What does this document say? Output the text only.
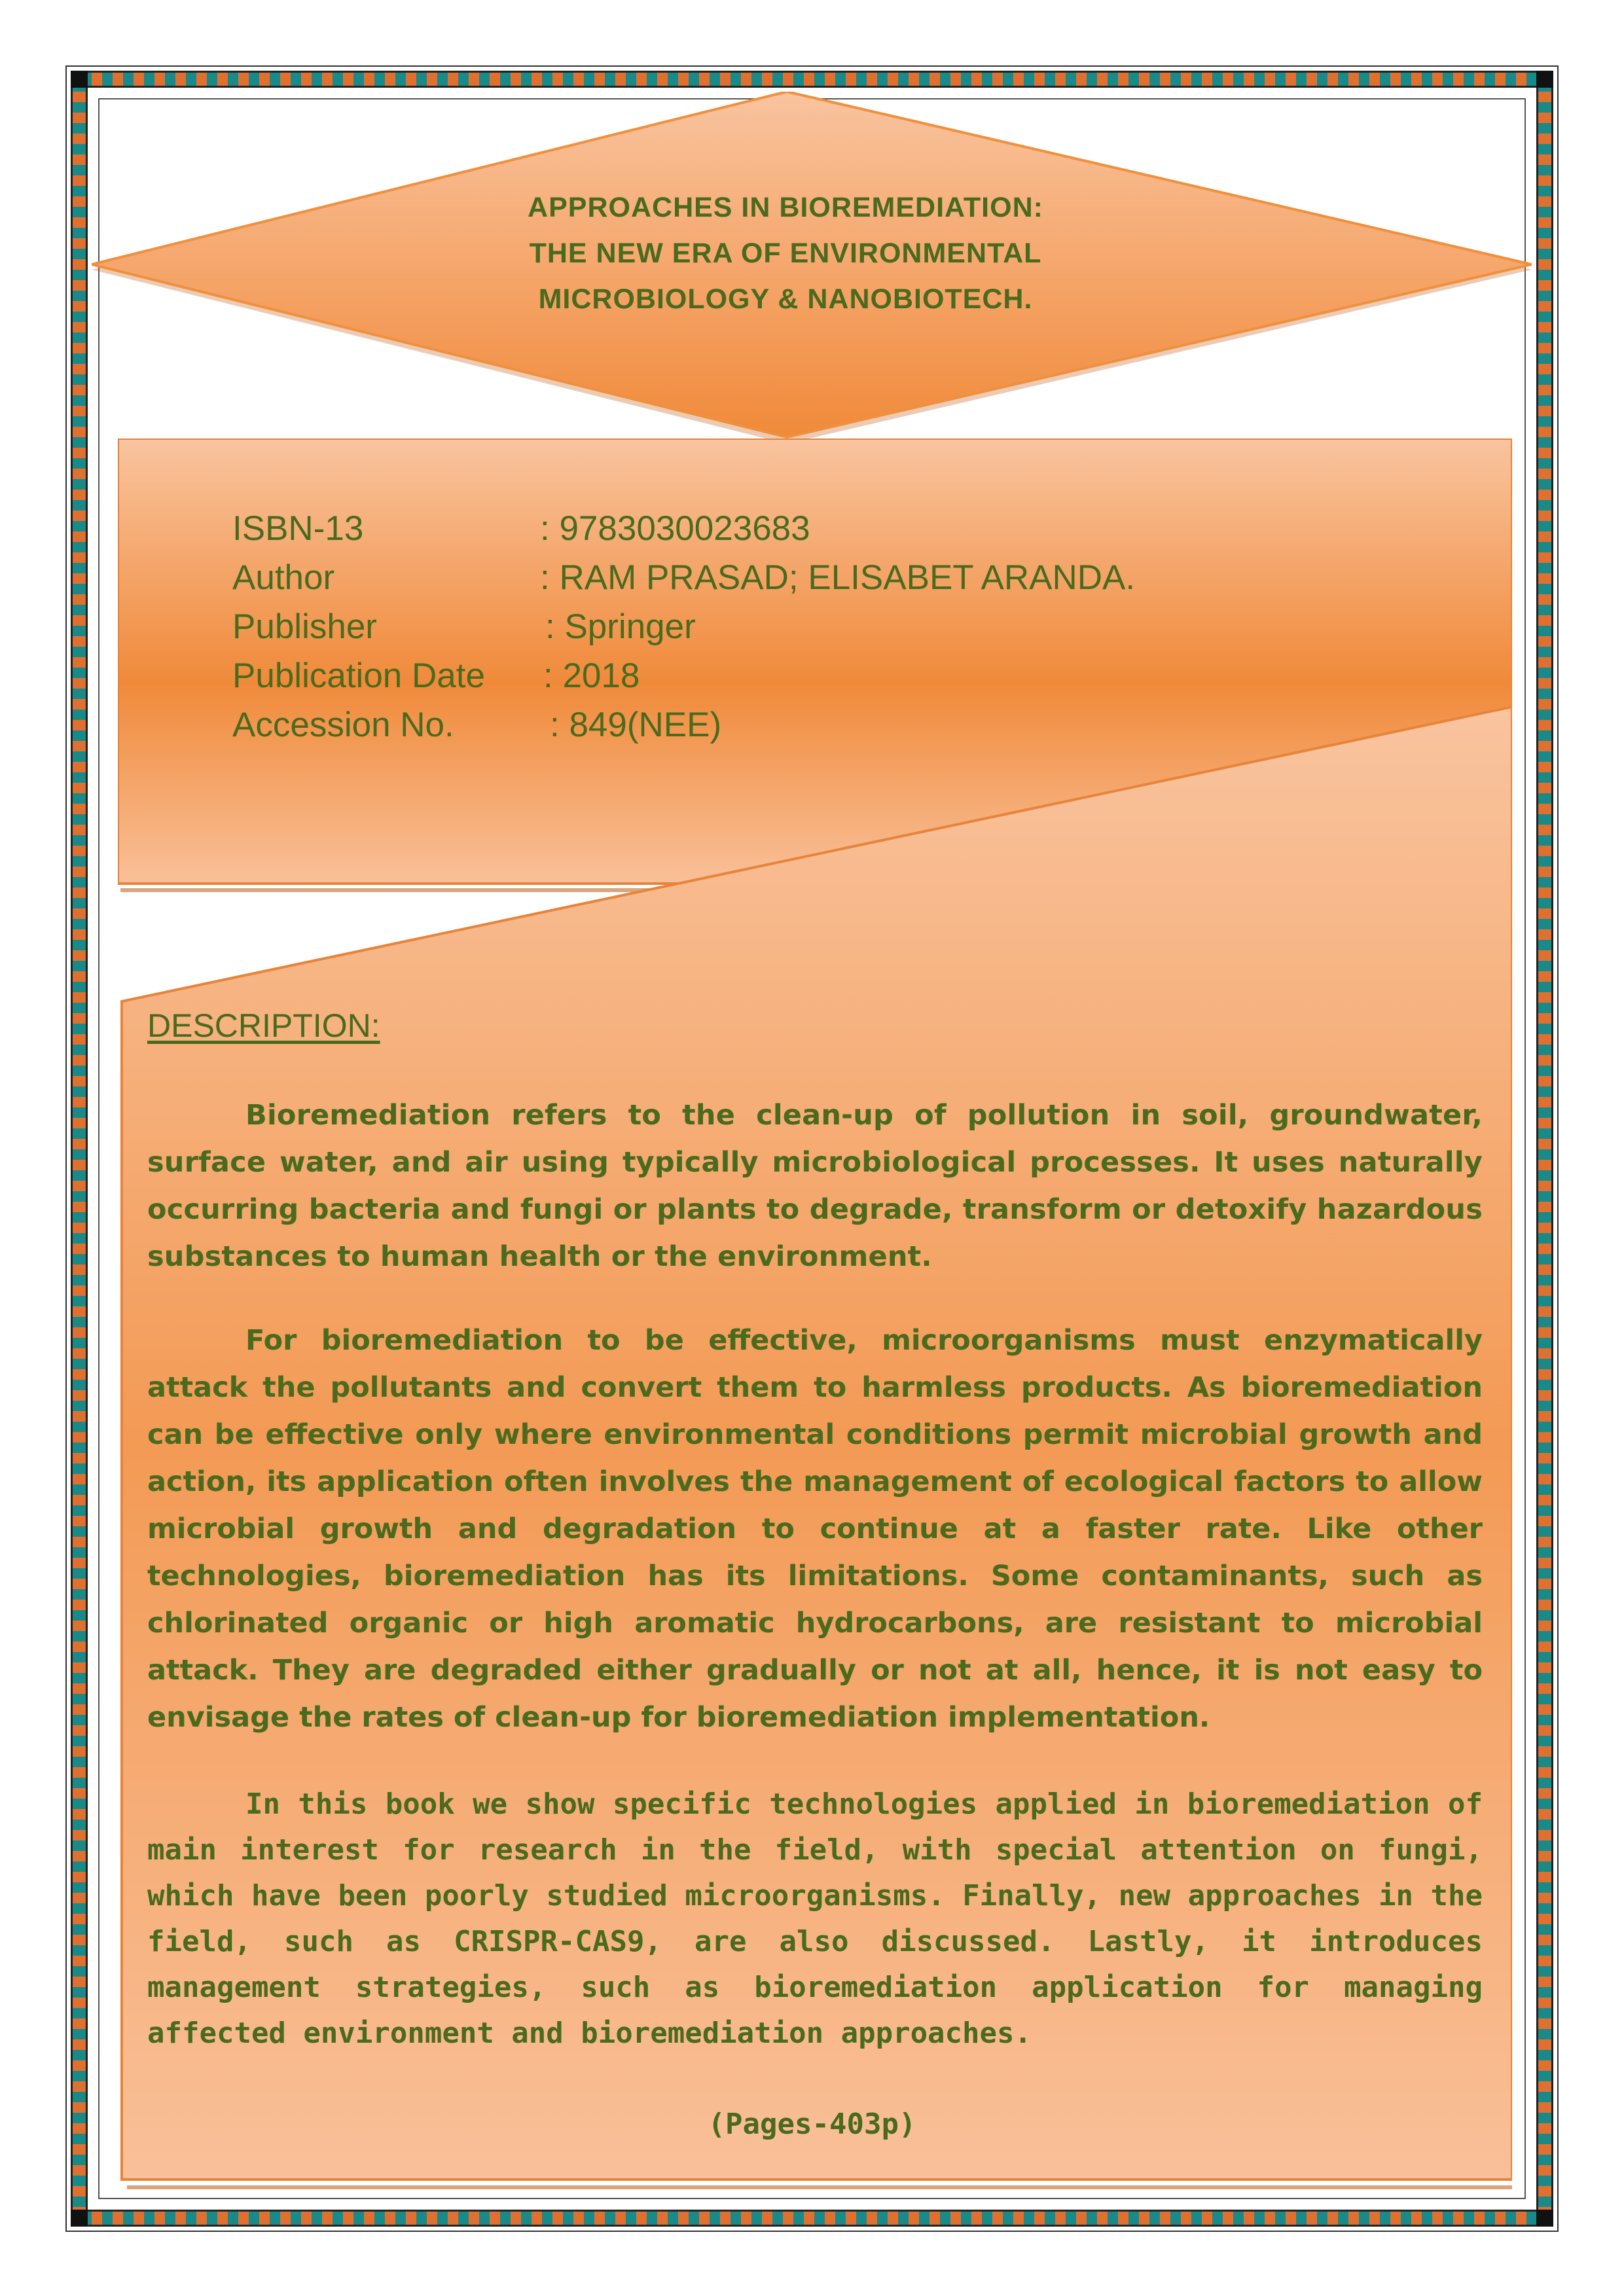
APPROACHES IN BIOREMEDIATION:
THE NEW ERA OF ENVIRONMENTAL
MICROBIOLOGY & NANOBIOTECH.
ISBN-13	: 9783030023683
Author	: RAM PRASAD; ELISABET ARANDA.
Publisher	: Springer
Publication Date : 2018
Accession No.	: 849(NEE)
DESCRIPTION:

Bioremediation refers to the clean-up of pollution in soil, groundwater, surface water, and air using typically microbiological processes. It uses naturally occurring bacteria and fungi or plants to degrade, transform or detoxify hazardous substances to human health or the environment.

For bioremediation to be effective, microorganisms must enzymatically attack the pollutants and convert them to harmless products. As bioremediation can be effective only where environmental conditions permit microbial growth and action, its application often involves the management of ecological factors to allow microbial growth and degradation to continue at a faster rate. Like other technologies, bioremediation has its limitations. Some contaminants, such as chlorinated organic or high aromatic hydrocarbons, are resistant to microbial attack. They are degraded either gradually or not at all, hence, it is not easy to envisage the rates of clean-up for bioremediation implementation.

In this book we show specific technologies applied in bioremediation of main interest for research in the field, with special attention on fungi, which have been poorly studied microorganisms. Finally, new approaches in the field, such as CRISPR-CAS9, are also discussed. Lastly, it introduces management strategies, such as bioremediation application for managing affected environment and bioremediation approaches.

(Pages-403p)
